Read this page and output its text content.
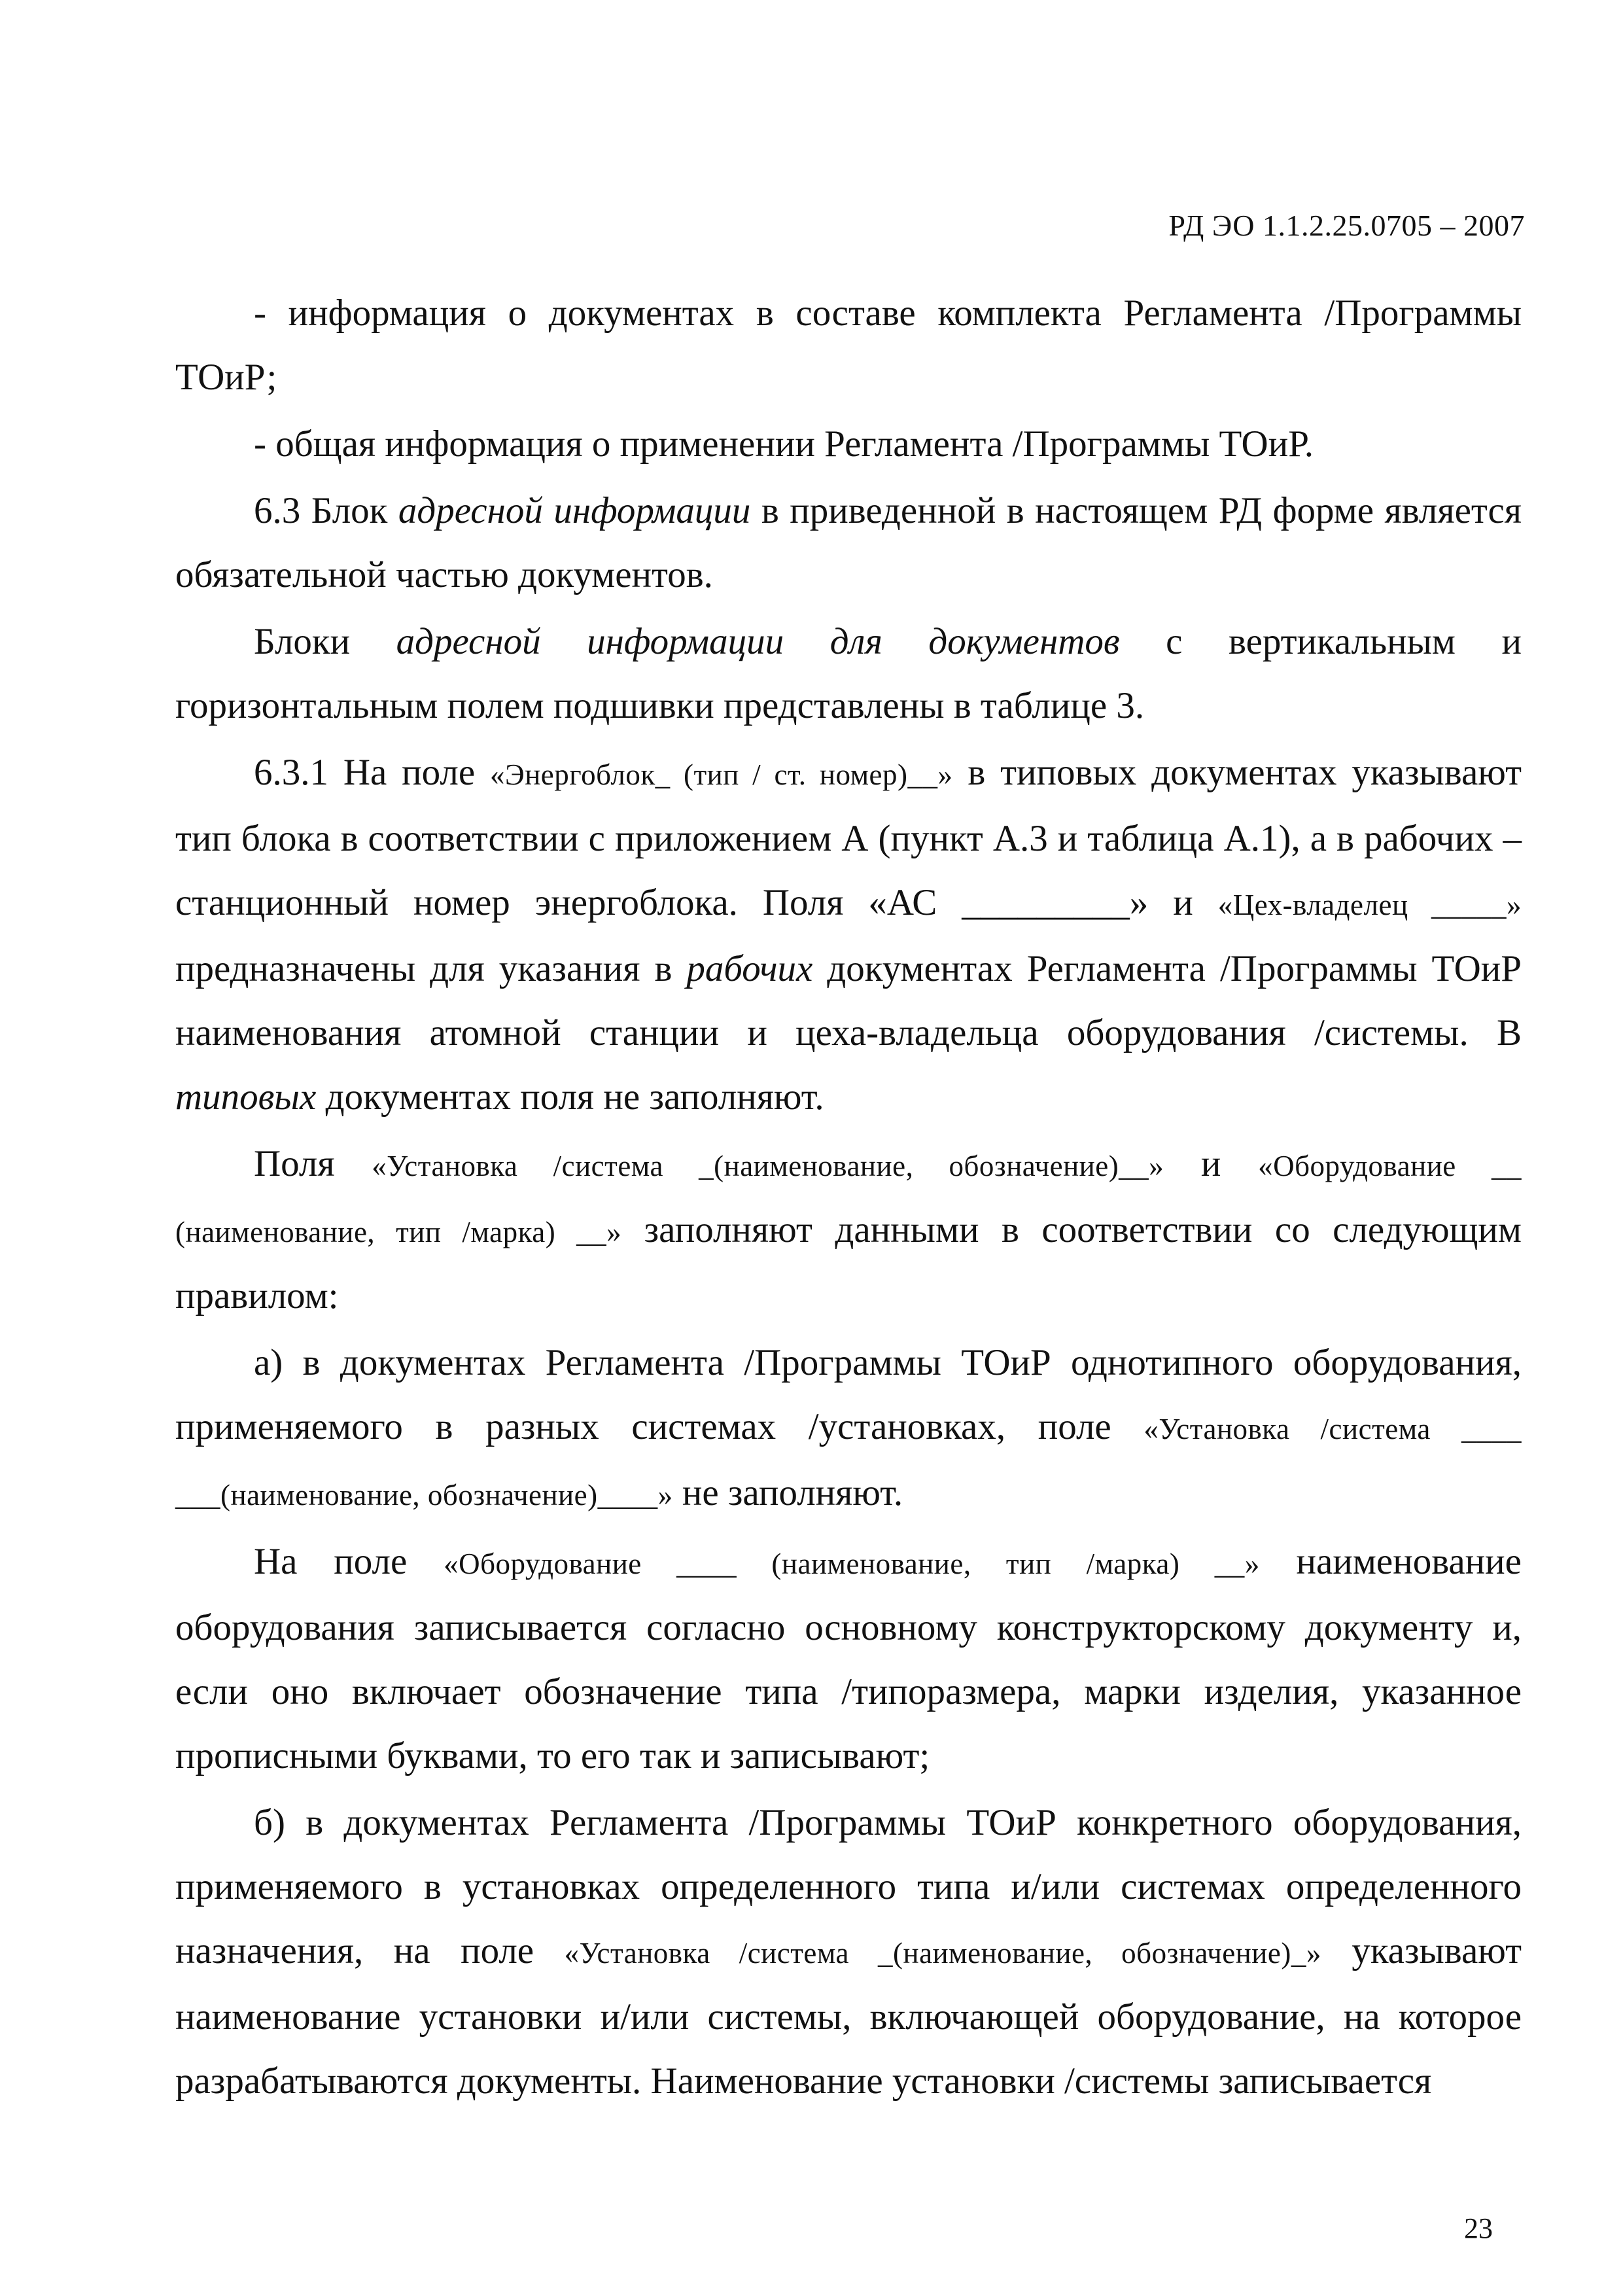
РД ЭО 1.1.2.25.0705 – 2007

- информация о документах в составе комплекта Регламента /Программы ТОиР;

- общая информация о применении Регламента /Программы ТОиР.

6.3 Блок адресной информации в приведенной в настоящем РД форме является обязательной частью документов.

Блоки адресной информации для документов с вертикальным и горизонтальным полем подшивки представлены в таблице 3.

6.3.1 На поле «Энергоблок_ (тип / ст. номер)__» в типовых документах указывают тип блока в соответствии с приложением А (пункт А.3 и таблица А.1), а в рабочих – станционный номер энергоблока. Поля «АС _________» и «Цех-владелец _____» предназначены для указания в рабочих документах Регламента /Программы ТОиР наименования атомной станции и цеха-владельца оборудования /системы. В типовых документах поля не заполняют.

Поля «Установка /система _(наименование, обозначение)__» и «Оборудование __ (наименование, тип /марка) __» заполняют данными в соответствии со следующим правилом:

а) в документах Регламента /Программы ТОиР однотипного оборудования, применяемого в разных системах /установках, поле «Установка /система ____ ___(наименование, обозначение)____» не заполняют.

На поле «Оборудование ____ (наименование, тип /марка) __» наименование оборудования записывается согласно основному конструкторскому документу и, если оно включает обозначение типа /типоразмера, марки изделия, указанное прописными буквами, то его так и записывают;

б) в документах Регламента /Программы ТОиР конкретного оборудования, применяемого в установках определенного типа и/или системах определенного назначения, на поле «Установка /система _(наименование, обозначение)_» указывают наименование установки и/или системы, включающей оборудование, на которое разрабатываются документы. Наименование установки /системы записывается

23
